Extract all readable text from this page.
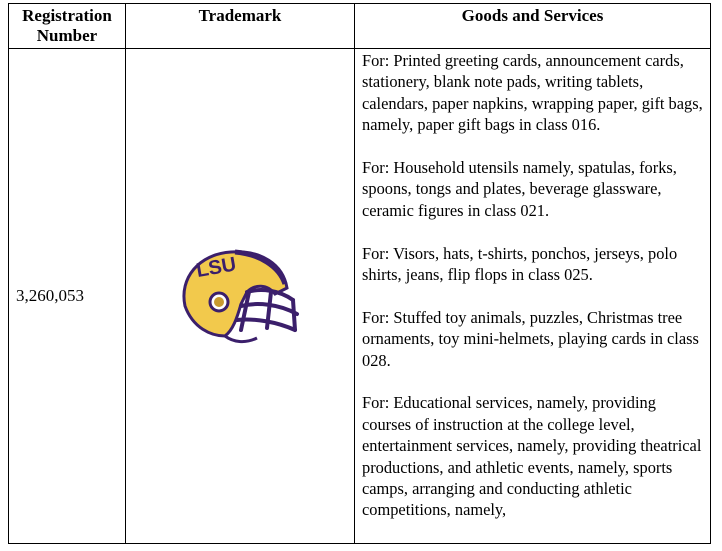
Registration
Number	Trademark	Goods and Services
3,260,053	LSU	For: Printed greeting cards, announcement cards, stationery, blank note pads, writing tablets, calendars, paper napkins, wrapping paper, gift bags, namely, paper gift bags in class 016.

For: Household utensils namely, spatulas, forks, spoons, tongs and plates, beverage glassware, ceramic figures in class 021.

For: Visors, hats, t-shirts, ponchos, jerseys, polo shirts, jeans, flip flops in class 025.

For: Stuffed toy animals, puzzles, Christmas tree ornaments, toy mini-helmets, playing cards in class 028.

For: Educational services, namely, providing courses of instruction at the college level, entertainment services, namely, providing theatrical productions, and athletic events, namely, sports camps, arranging and conducting athletic competitions, namely,
